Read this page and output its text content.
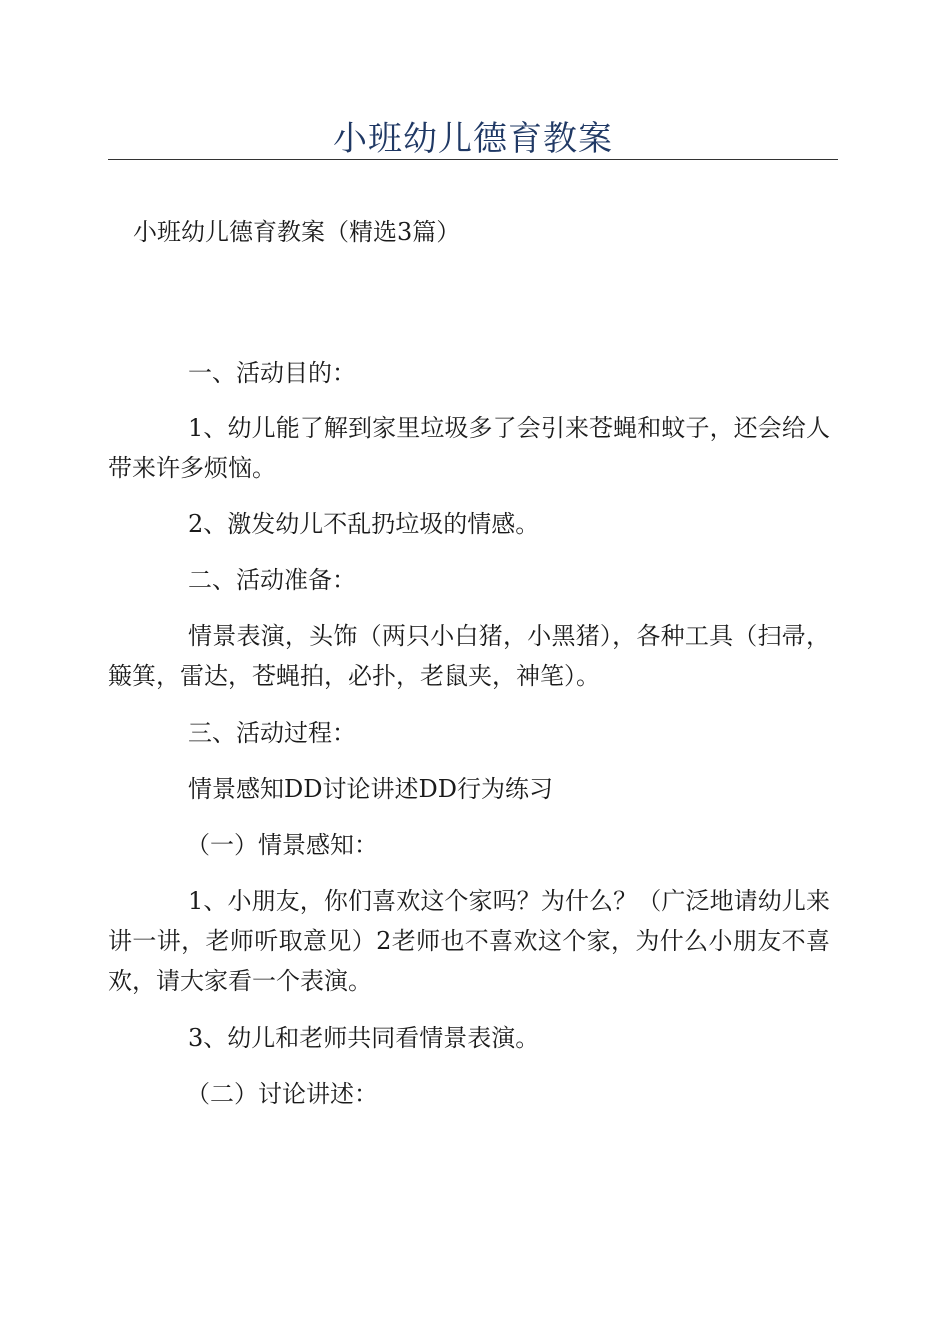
小班幼儿德育教案
小班幼儿德育教案（精选3篇）

一、活动目的：

1、幼儿能了解到家里垃圾多了会引来苍蝇和蚊子，还会给人带来许多烦恼。

2、激发幼儿不乱扔垃圾的情感。

二、活动准备：

情景表演，头饰（两只小白猪，小黑猪），各种工具（扫帚，簸箕，雷达，苍蝇拍，必扑，老鼠夹，神笔）。

三、活动过程：

情景感知DD讨论讲述DD行为练习

（一）情景感知：

1、小朋友，你们喜欢这个家吗？为什么？（广泛地请幼儿来讲一讲，老师听取意见）2老师也不喜欢这个家，为什么小朋友不喜欢，请大家看一个表演。

3、幼儿和老师共同看情景表演。

（二）讨论讲述：
